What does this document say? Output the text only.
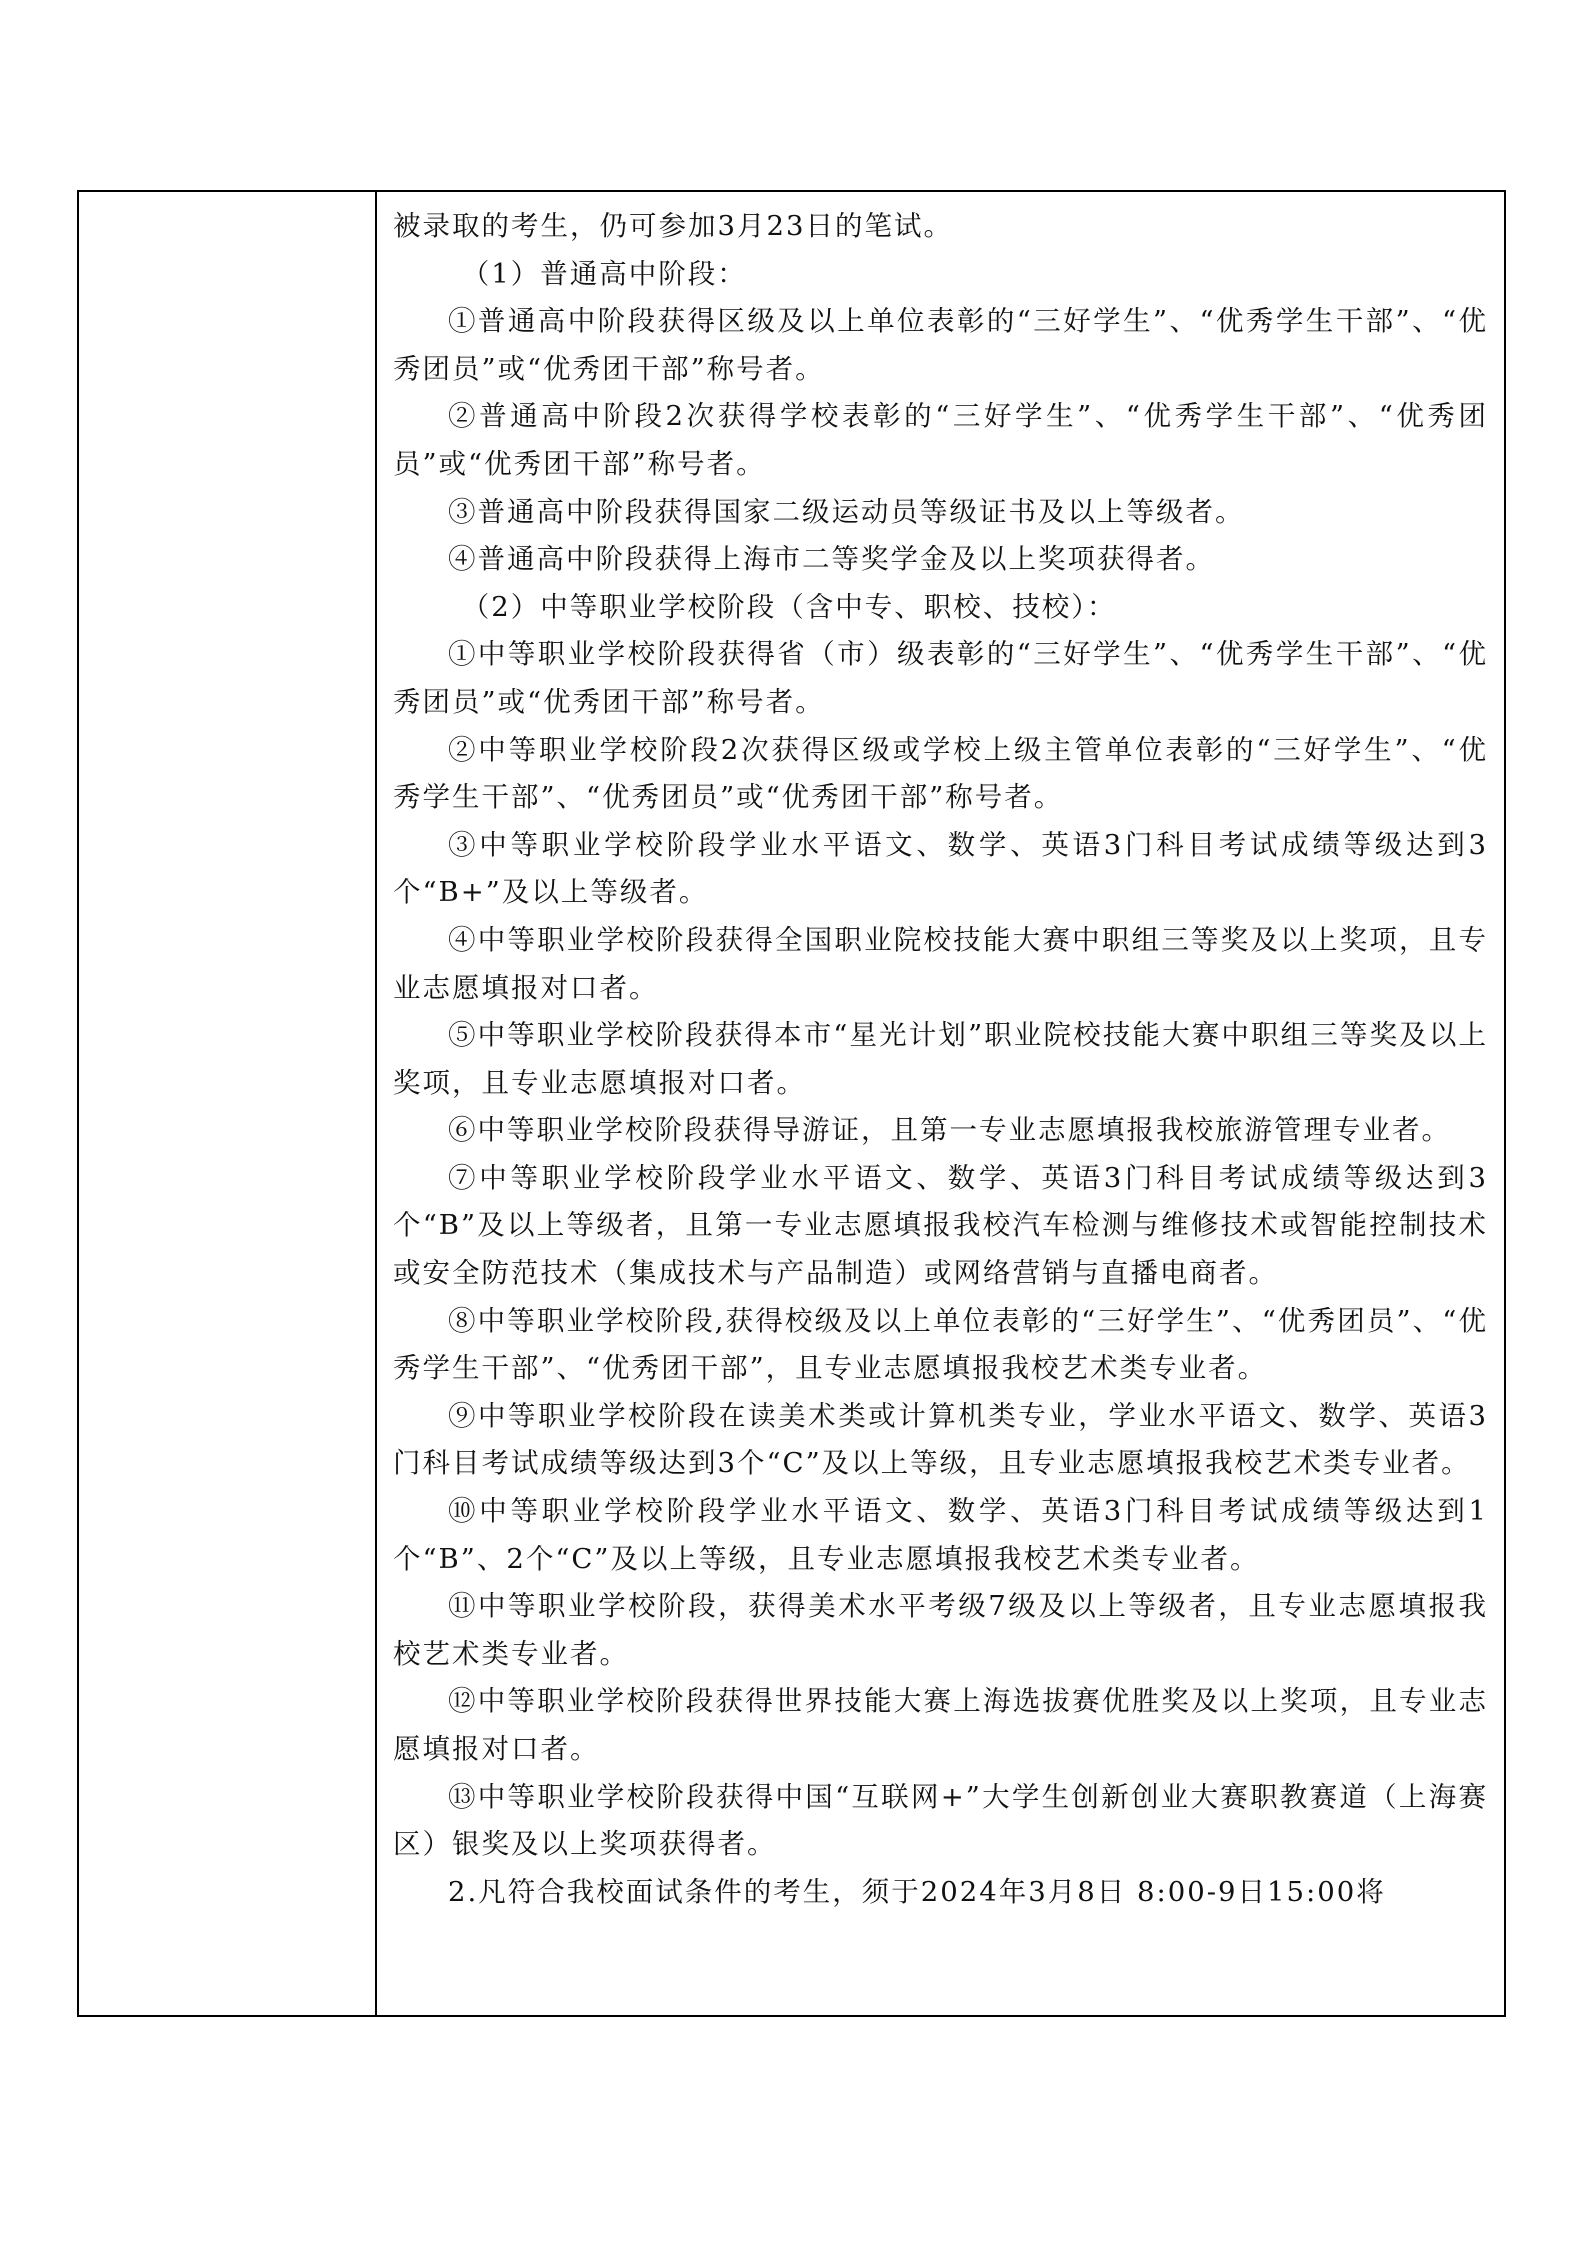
被录取的考生，仍可参加3月23日的笔试。

（1）普通高中阶段：

①普通高中阶段获得区级及以上单位表彰的“三好学生”、“优秀学生干部”、“优秀团员”或“优秀团干部”称号者。

②普通高中阶段2次获得学校表彰的“三好学生”、“优秀学生干部”、“优秀团员”或“优秀团干部”称号者。

③普通高中阶段获得国家二级运动员等级证书及以上等级者。

④普通高中阶段获得上海市二等奖学金及以上奖项获得者。

（2）中等职业学校阶段（含中专、职校、技校）：

①中等职业学校阶段获得省（市）级表彰的“三好学生”、“优秀学生干部”、“优秀团员”或“优秀团干部”称号者。

②中等职业学校阶段2次获得区级或学校上级主管单位表彰的“三好学生”、“优秀学生干部”、“优秀团员”或“优秀团干部”称号者。

③中等职业学校阶段学业水平语文、数学、英语3门科目考试成绩等级达到3个“B+”及以上等级者。

④中等职业学校阶段获得全国职业院校技能大赛中职组三等奖及以上奖项，且专业志愿填报对口者。

⑤中等职业学校阶段获得本市“星光计划”职业院校技能大赛中职组三等奖及以上奖项，且专业志愿填报对口者。

⑥中等职业学校阶段获得导游证，且第一专业志愿填报我校旅游管理专业者。

⑦中等职业学校阶段学业水平语文、数学、英语3门科目考试成绩等级达到3个“B”及以上等级者，且第一专业志愿填报我校汽车检测与维修技术或智能控制技术或安全防范技术（集成技术与产品制造）或网络营销与直播电商者。

⑧中等职业学校阶段,获得校级及以上单位表彰的“三好学生”、“优秀团员”、“优秀学生干部”、“优秀团干部”，且专业志愿填报我校艺术类专业者。

⑨中等职业学校阶段在读美术类或计算机类专业，学业水平语文、数学、英语3门科目考试成绩等级达到3个“C”及以上等级，且专业志愿填报我校艺术类专业者。

⑩中等职业学校阶段学业水平语文、数学、英语3门科目考试成绩等级达到1个“B”、2个“C”及以上等级，且专业志愿填报我校艺术类专业者。

⑪中等职业学校阶段，获得美术水平考级7级及以上等级者，且专业志愿填报我校艺术类专业者。

⑫中等职业学校阶段获得世界技能大赛上海选拔赛优胜奖及以上奖项，且专业志愿填报对口者。

⑬中等职业学校阶段获得中国“互联网+”大学生创新创业大赛职教赛道（上海赛区）银奖及以上奖项获得者。

2.凡符合我校面试条件的考生，须于2024年3月8日 8:00-9日15:00将
